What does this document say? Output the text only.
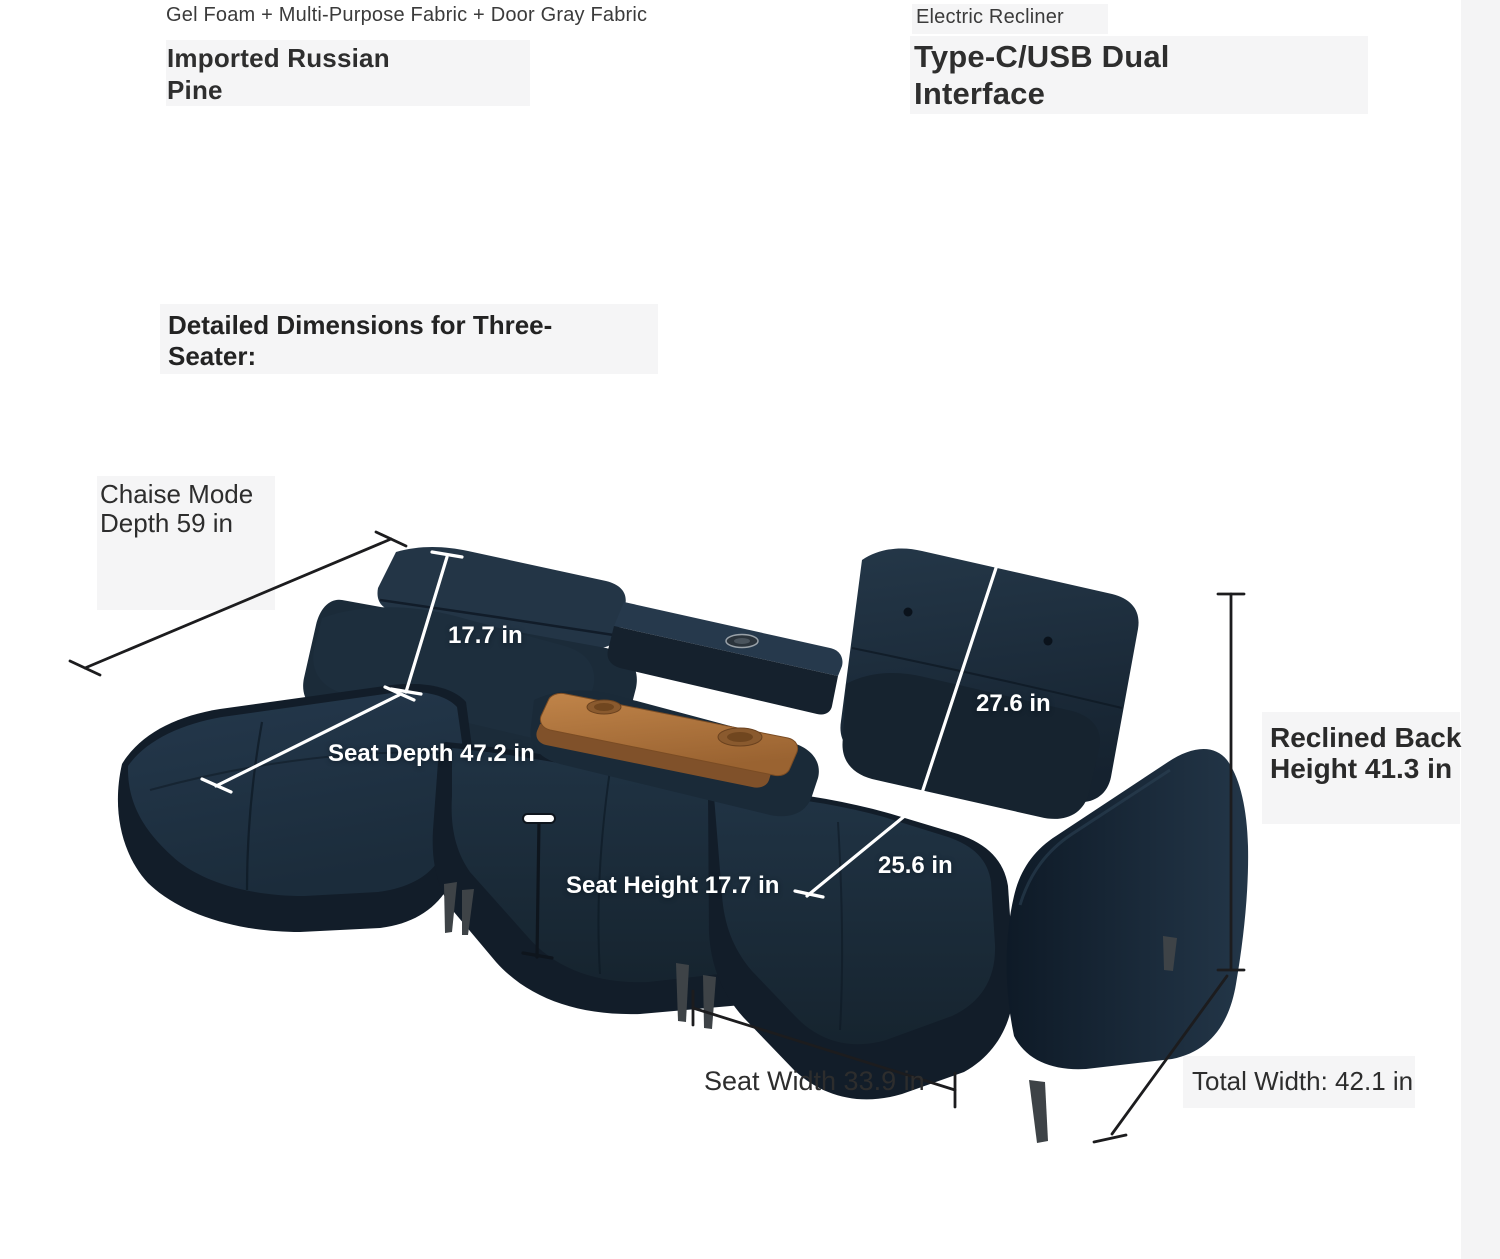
Gel Foam + Multi-Purpose Fabric + Door Gray Fabric
Imported Russian Pine
Electric Recliner
Type-C/USB Dual Interface
Detailed Dimensions for Three-Seater:
Chaise Mode Depth 59 in
17.7 in
Seat Depth 47.2 in
27.6 in
25.6 in
Seat Height 17.7 in
Seat Width 33.9 in
Reclined Back Height 41.3 in
Total Width: 42.1 in
